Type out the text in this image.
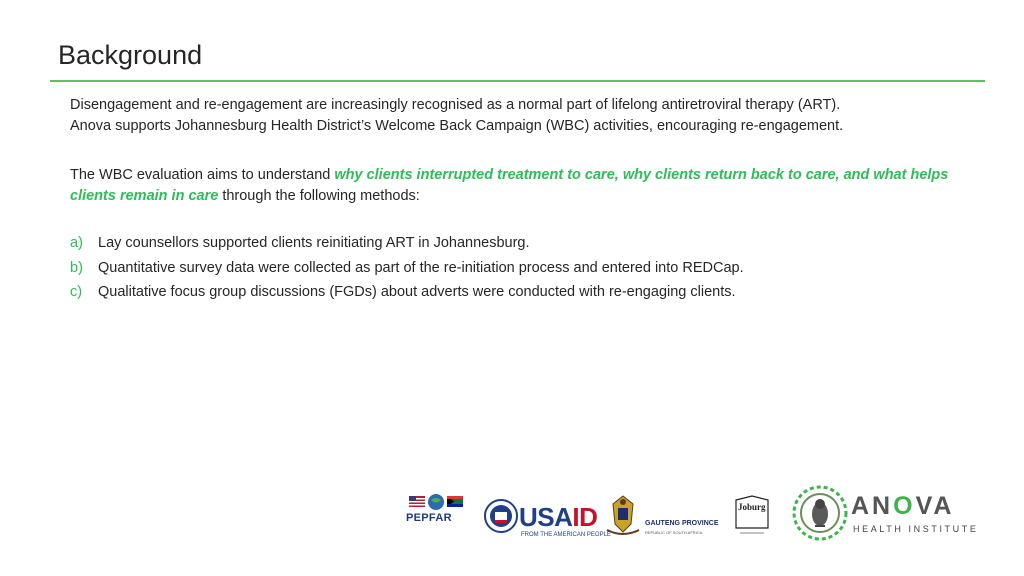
Background
Disengagement and re-engagement are increasingly recognised as a normal part of lifelong antiretroviral therapy (ART).
Anova supports Johannesburg Health District’s Welcome Back Campaign (WBC) activities, encouraging re-engagement.
The WBC evaluation aims to understand why clients interrupted treatment to care, why clients return back to care, and what helps clients remain in care through the following methods:
a)	Lay counsellors supported clients reinitiating ART in Johannesburg.
b)	Quantitative survey data were collected as part of the re-initiation process and entered into REDCap.
c)	Qualitative focus group discussions (FGDs) about adverts were conducted with re-engaging clients.
PEPFAR	USAID
FROM THE AMERICAN PEOPLE
GAUTENG PROVINCE
REPUBLIC OF SOUTH AFRICA
Joburg	ANOVA
HEALTH INSTITUTE
